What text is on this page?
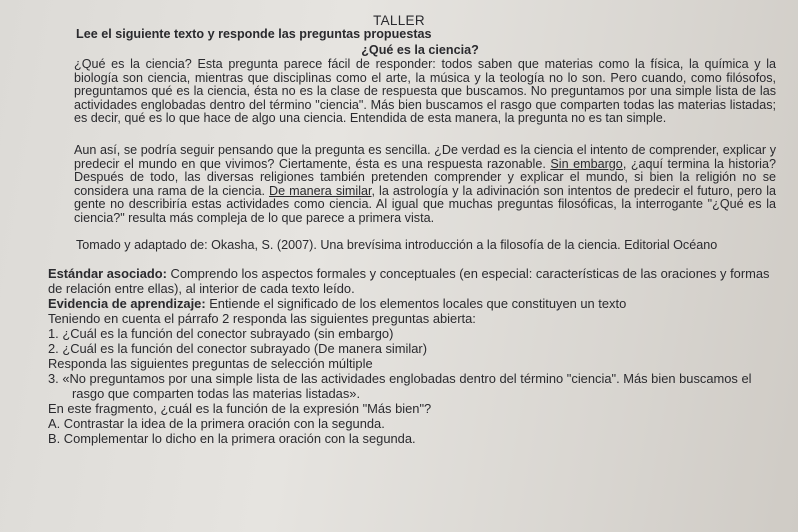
TALLER
Lee el siguiente texto y responde las preguntas propuestas
¿Qué es la ciencia?

¿Qué es la ciencia? Esta pregunta parece fácil de responder: todos saben que materias como la física, la química y la biología son ciencia, mientras que disciplinas como el arte, la música y la teología no lo son. Pero cuando, como filósofos, preguntamos qué es la ciencia, ésta no es la clase de respuesta que buscamos. No preguntamos por una simple lista de las actividades englobadas dentro del término "ciencia". Más bien buscamos el rasgo que comparten todas las materias listadas; es decir, qué es lo que hace de algo una ciencia. Entendida de esta manera, la pregunta no es tan simple.

Aun así, se podría seguir pensando que la pregunta es sencilla. ¿De verdad es la ciencia el intento de comprender, explicar y predecir el mundo en que vivimos? Ciertamente, ésta es una respuesta razonable. Sin embargo, ¿aquí termina la historia? Después de todo, las diversas religiones también pretenden comprender y explicar el mundo, si bien la religión no se considera una rama de la ciencia. De manera similar, la astrología y la adivinación son intentos de predecir el futuro, pero la gente no describiría estas actividades como ciencia. Al igual que muchas preguntas filosóficas, la interrogante "¿Qué es la ciencia?" resulta más compleja de lo que parece a primera vista.

Tomado y adaptado de: Okasha, S. (2007). Una brevísima introducción a la filosofía de la ciencia. Editorial Océano
Estándar asociado: Comprendo los aspectos formales y conceptuales (en especial: características de las oraciones y formas
de relación entre ellas), al interior de cada texto leído.
Evidencia de aprendizaje: Entiende el significado de los elementos locales que constituyen un texto
Teniendo en cuenta el párrafo 2 responda las siguientes preguntas abierta:
1. ¿Cuál es la función del conector subrayado (sin embargo)
2. ¿Cuál es la función del conector subrayado (De manera similar)
Responda las siguientes preguntas de selección múltiple
3. «No preguntamos por una simple lista de las actividades englobadas dentro del término "ciencia". Más bien buscamos el
rasgo que comparten todas las materias listadas».
En este fragmento, ¿cuál es la función de la expresión "Más bien"?
A. Contrastar la idea de la primera oración con la segunda.
B. Complementar lo dicho en la primera oración con la segunda.
